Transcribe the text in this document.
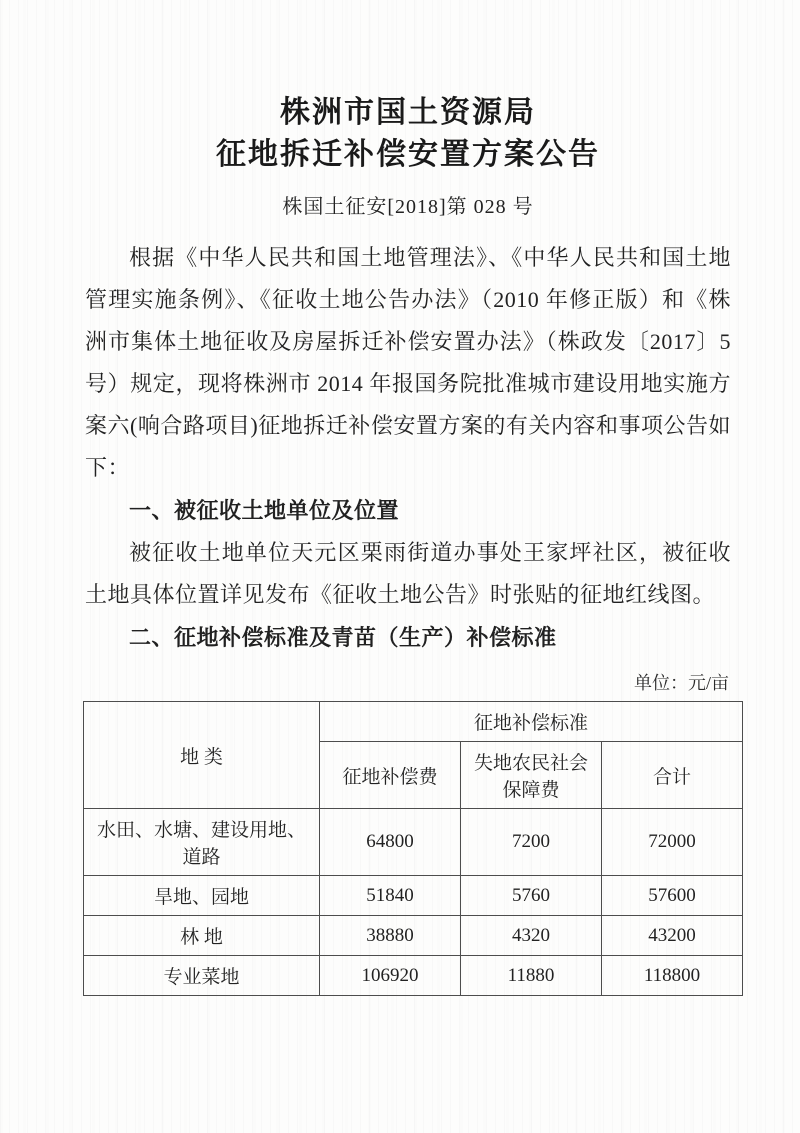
株洲市国土资源局
征地拆迁补偿安置方案公告
株国土征安[2018]第 028 号

根据《中华人民共和国土地管理法》、《中华人民共和国土地管理实施条例》、《征收土地公告办法》（2010 年修正版）和《株洲市集体土地征收及房屋拆迁补偿安置办法》（株政发〔2017〕5 号）规定，现将株洲市 2014 年报国务院批准城市建设用地实施方案六(响合路项目)征地拆迁补偿安置方案的有关内容和事项公告如下：

一、被征收土地单位及位置

被征收土地单位天元区栗雨街道办事处王家坪社区，被征收土地具体位置详见发布《征收土地公告》时张贴的征地红线图。

二、征地补偿标准及青苗（生产）补偿标准

单位：元/亩
地 类	征地补偿标准		
	征地补偿费	失地农民社会保障费	合计
水田、水塘、建设用地、道路	64800	7200	72000
旱地、园地	51840	5760	57600
林 地	38880	4320	43200
专业菜地	106920	11880	118800
